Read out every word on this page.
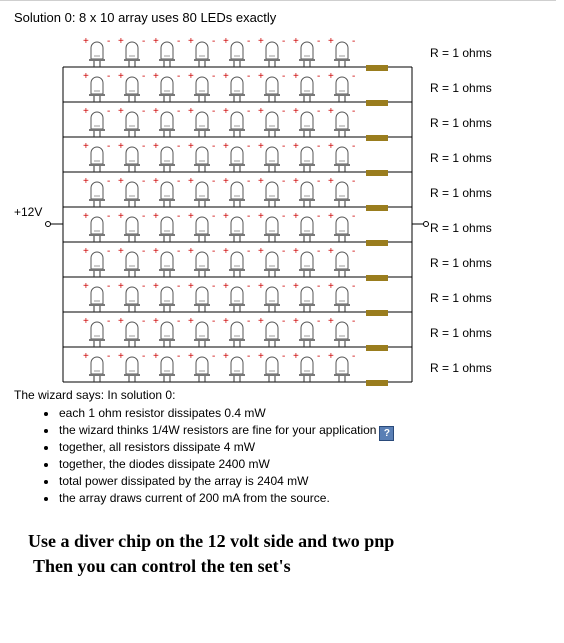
Solution 0: 8 x 10 array uses 80 LEDs exactly
+ - + - + - + - + - + - + - + -
+ - + - + - + - + - + - + - + -
+ - + - + - + - + - + - + - + -
+ - + - + - + - + - + - + - + -
+ - + - + - + - + - + - + - + -
+ - + - + - + - + - + - + - + -
+ - + - + - + - + - + - + - + -
+ - + - + - + - + - + - + - + -
+ - + - + - + - + - + - + - + -
+ - + - + - + - + - + - + - + -
+12V
R = 1 ohms
R = 1 ohms
R = 1 ohms
R = 1 ohms
R = 1 ohms
R = 1 ohms
R = 1 ohms
R = 1 ohms
R = 1 ohms
R = 1 ohms
The wizard says: In solution 0:
each 1 ohm resistor dissipates 0.4 mW
the wizard thinks 1/4W resistors are fine for your application ?
together, all resistors dissipate 4 mW
together, the diodes dissipate 2400 mW
total power dissipated by the array is 2404 mW
the array draws current of 200 mA from the source.
Use a diver chip on the 12 volt side and two pnp
Then you can control the ten set's
